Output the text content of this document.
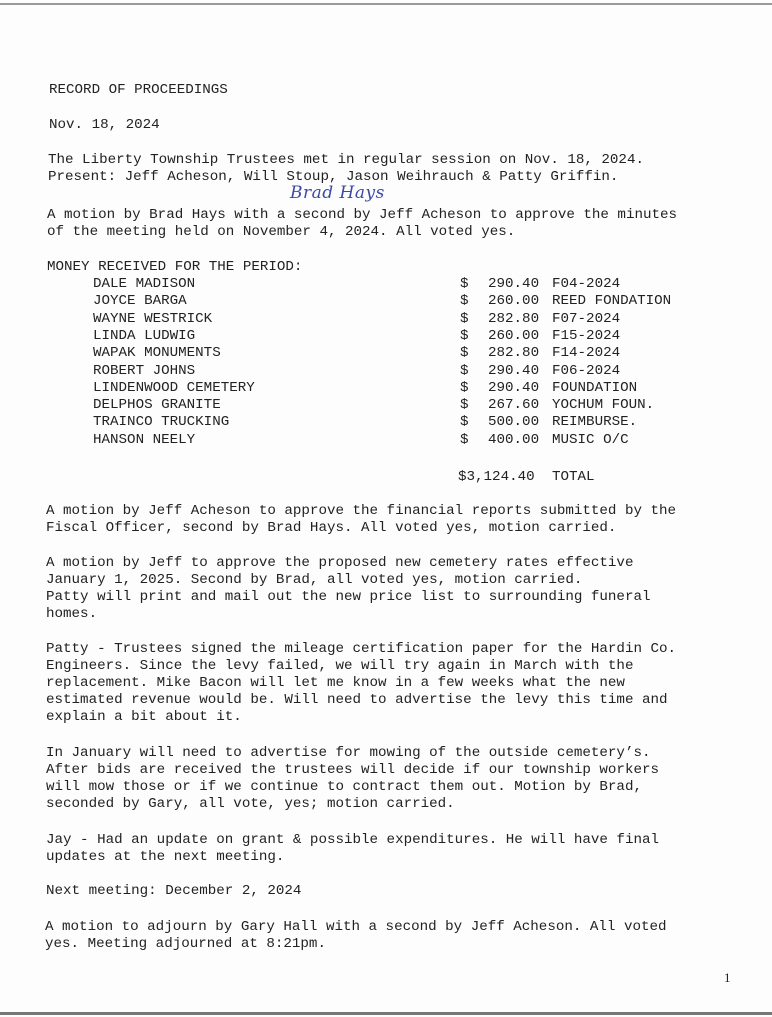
RECORD OF PROCEEDINGS
Nov. 18, 2024
The Liberty Township Trustees met in regular session on Nov. 18, 2024.
Present: Jeff Acheson, Will Stoup, Jason Weihrauch & Patty Griffin.
Brad Hays
A motion by Brad Hays with a second by Jeff Acheson to approve the minutes
of the meeting held on November 4, 2024. All voted yes.
MONEY RECEIVED FOR THE PERIOD:
DALE MADISON	$ 290.40 F04-2024
JOYCE BARGA	$ 260.00 REED FONDATION
WAYNE WESTRICK	$ 282.80 F07-2024
LINDA LUDWIG	$ 260.00 F15-2024
WAPAK MONUMENTS	$ 282.80 F14-2024
ROBERT JOHNS	$ 290.40 F06-2024
LINDENWOOD CEMETERY	$ 290.40 FOUNDATION
DELPHOS GRANITE	$ 267.60 YOCHUM FOUN.
TRAINCO TRUCKING	$ 500.00 REIMBURSE.
HANSON NEELY	$ 400.00 MUSIC O/C
$3,124.40 TOTAL
A motion by Jeff Acheson to approve the financial reports submitted by the
Fiscal Officer, second by Brad Hays. All voted yes, motion carried.
A motion by Jeff to approve the proposed new cemetery rates effective
January 1, 2025. Second by Brad, all voted yes, motion carried.
Patty will print and mail out the new price list to surrounding funeral
homes.
Patty - Trustees signed the mileage certification paper for the Hardin Co.
Engineers. Since the levy failed, we will try again in March with the
replacement. Mike Bacon will let me know in a few weeks what the new
estimated revenue would be. Will need to advertise the levy this time and
explain a bit about it.
In January will need to advertise for mowing of the outside cemetery’s.
After bids are received the trustees will decide if our township workers
will mow those or if we continue to contract them out. Motion by Brad,
seconded by Gary, all vote, yes; motion carried.
Jay - Had an update on grant & possible expenditures. He will have final
updates at the next meeting.
Next meeting: December 2, 2024
A motion to adjourn by Gary Hall with a second by Jeff Acheson. All voted
yes. Meeting adjourned at 8:21pm.
1
